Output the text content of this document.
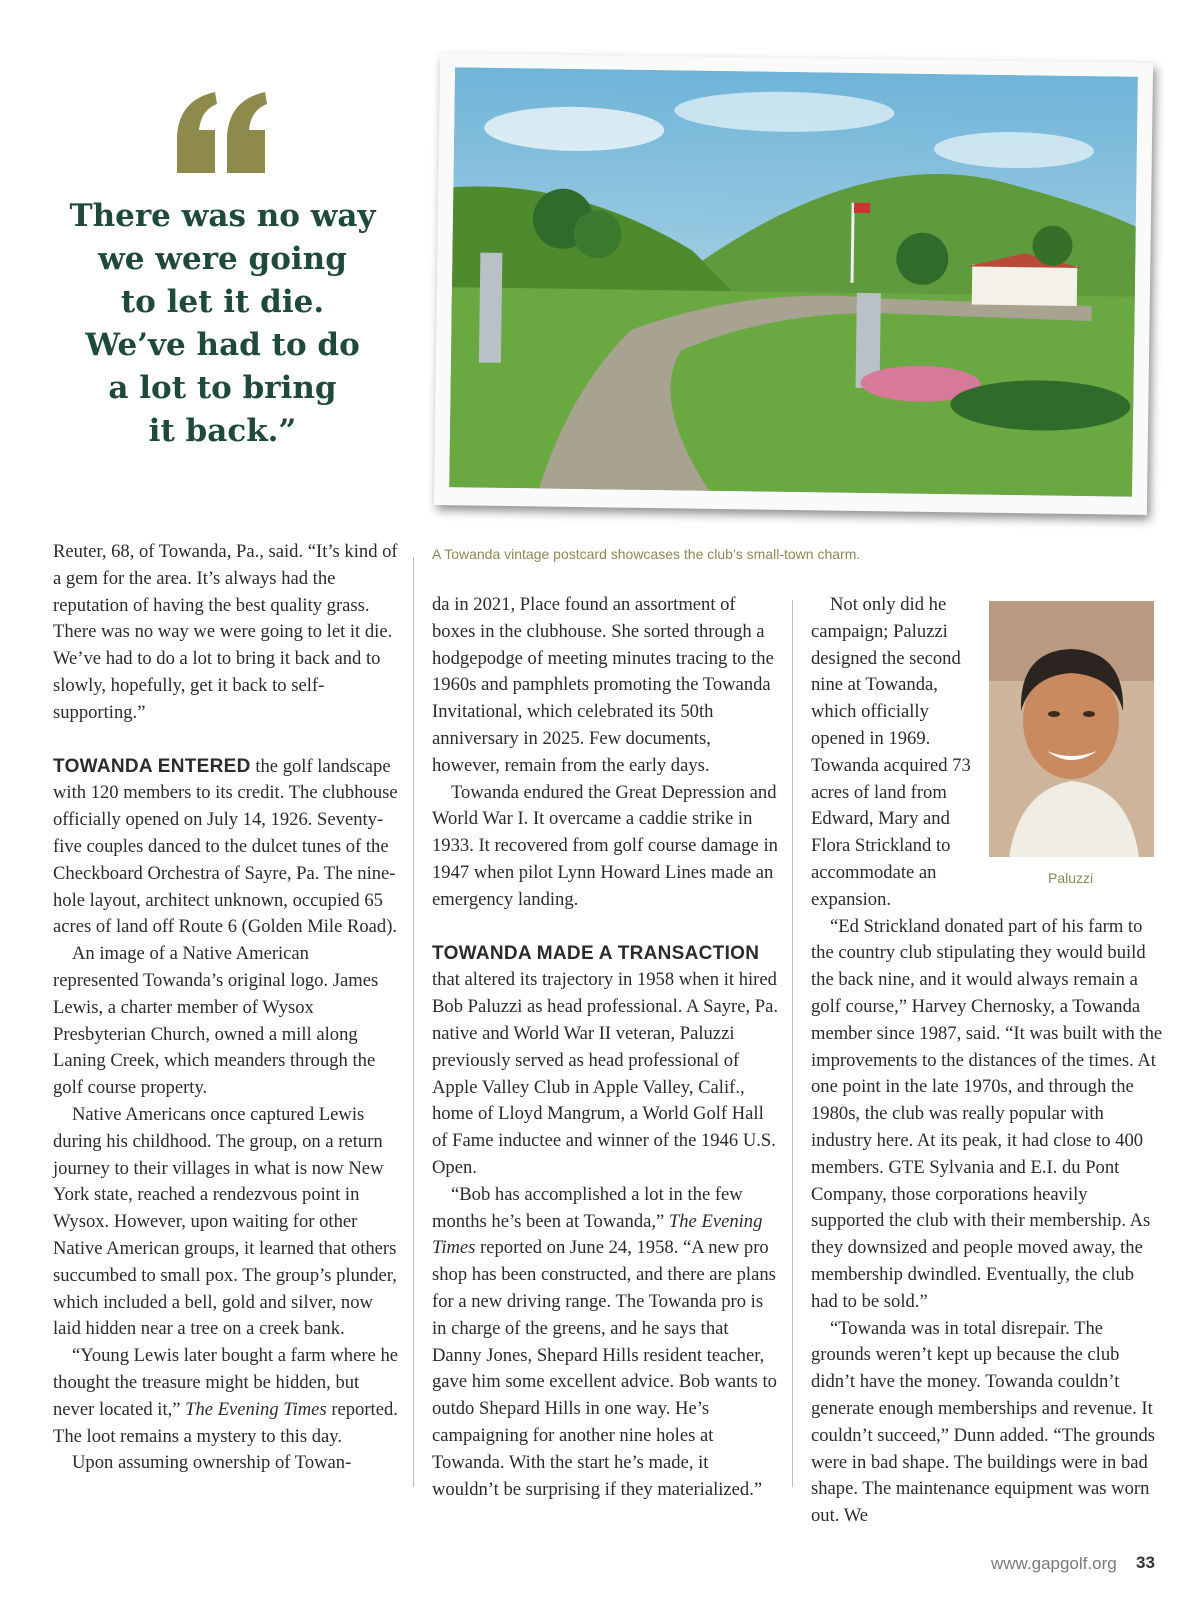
There was no way
we were going
to let it die.
We’ve had to do
a lot to bring
it back.”
A Towanda vintage postcard showcases the club’s small-town charm.

Reuter, 68, of Towanda, Pa., said. “It’s kind of a gem for the area. It’s always had the reputation of having the best quality grass. There was no way we were going to let it die. We’ve had to do a lot to bring it back and to slowly, hopefully, get it back to self-supporting.”

TOWANDA ENTERED the golf landscape with 120 members to its credit. The clubhouse officially opened on July 14, 1926. Seventy-five couples danced to the dulcet tunes of the Checkboard Orchestra of Sayre, Pa. The nine-hole layout, architect unknown, occupied 65 acres of land off Route 6 (Golden Mile Road).

An image of a Native American represented Towanda’s original logo. James Lewis, a charter member of Wysox Presbyterian Church, owned a mill along Laning Creek, which meanders through the golf course property.

Native Americans once captured Lewis during his childhood. The group, on a return journey to their villages in what is now New York state, reached a rendezvous point in Wysox. However, upon waiting for other Native American groups, it learned that others succumbed to small pox. The group’s plunder, which included a bell, gold and silver, now laid hidden near a tree on a creek bank.

“Young Lewis later bought a farm where he thought the treasure might be hidden, but never located it,” The Evening Times reported. The loot remains a mystery to this day.

Upon assuming ownership of Towan-

da in 2021, Place found an assortment of boxes in the clubhouse. She sorted through a hodgepodge of meeting minutes tracing to the 1960s and pamphlets promoting the Towanda Invitational, which celebrated its 50th anniversary in 2025. Few documents, however, remain from the early days.

Towanda endured the Great Depression and World War I. It overcame a caddie strike in 1933. It recovered from golf course damage in 1947 when pilot Lynn Howard Lines made an emergency landing.

TOWANDA MADE A TRANSACTION that altered its trajectory in 1958 when it hired Bob Paluzzi as head professional. A Sayre, Pa. native and World War II veteran, Paluzzi previously served as head professional of Apple Valley Club in Apple Valley, Calif., home of Lloyd Mangrum, a World Golf Hall of Fame inductee and winner of the 1946 U.S. Open.

“Bob has accomplished a lot in the few months he’s been at Towanda,” The Evening Times reported on June 24, 1958. “A new pro shop has been constructed, and there are plans for a new driving range. The Towanda pro is in charge of the greens, and he says that Danny Jones, Shepard Hills resident teacher, gave him some excellent advice. Bob wants to outdo Shepard Hills in one way. He’s campaigning for another nine holes at Towanda. With the start he’s made, it wouldn’t be surprising if they materialized.”

Paluzzi

Not only did he campaign; Paluzzi designed the second nine at Towanda, which officially opened in 1969. Towanda acquired 73 acres of land from Edward, Mary and Flora Strickland to accommodate an expansion.

“Ed Strickland donated part of his farm to the country club stipulating they would build the back nine, and it would always remain a golf course,” Harvey Chernosky, a Towanda member since 1987, said. “It was built with the improvements to the distances of the times. At one point in the late 1970s, and through the 1980s, the club was really popular with industry here. At its peak, it had close to 400 members. GTE Sylvania and E.I. du Pont Company, those corporations heavily supported the club with their membership. As they downsized and people moved away, the membership dwindled. Eventually, the club had to be sold.”

“Towanda was in total disrepair. The grounds weren’t kept up because the club didn’t have the money. Towanda couldn’t generate enough memberships and revenue. It couldn’t succeed,” Dunn added. “The grounds were in bad shape. The buildings were in bad shape. The maintenance equipment was worn out. We

www.gapgolf.org 33
